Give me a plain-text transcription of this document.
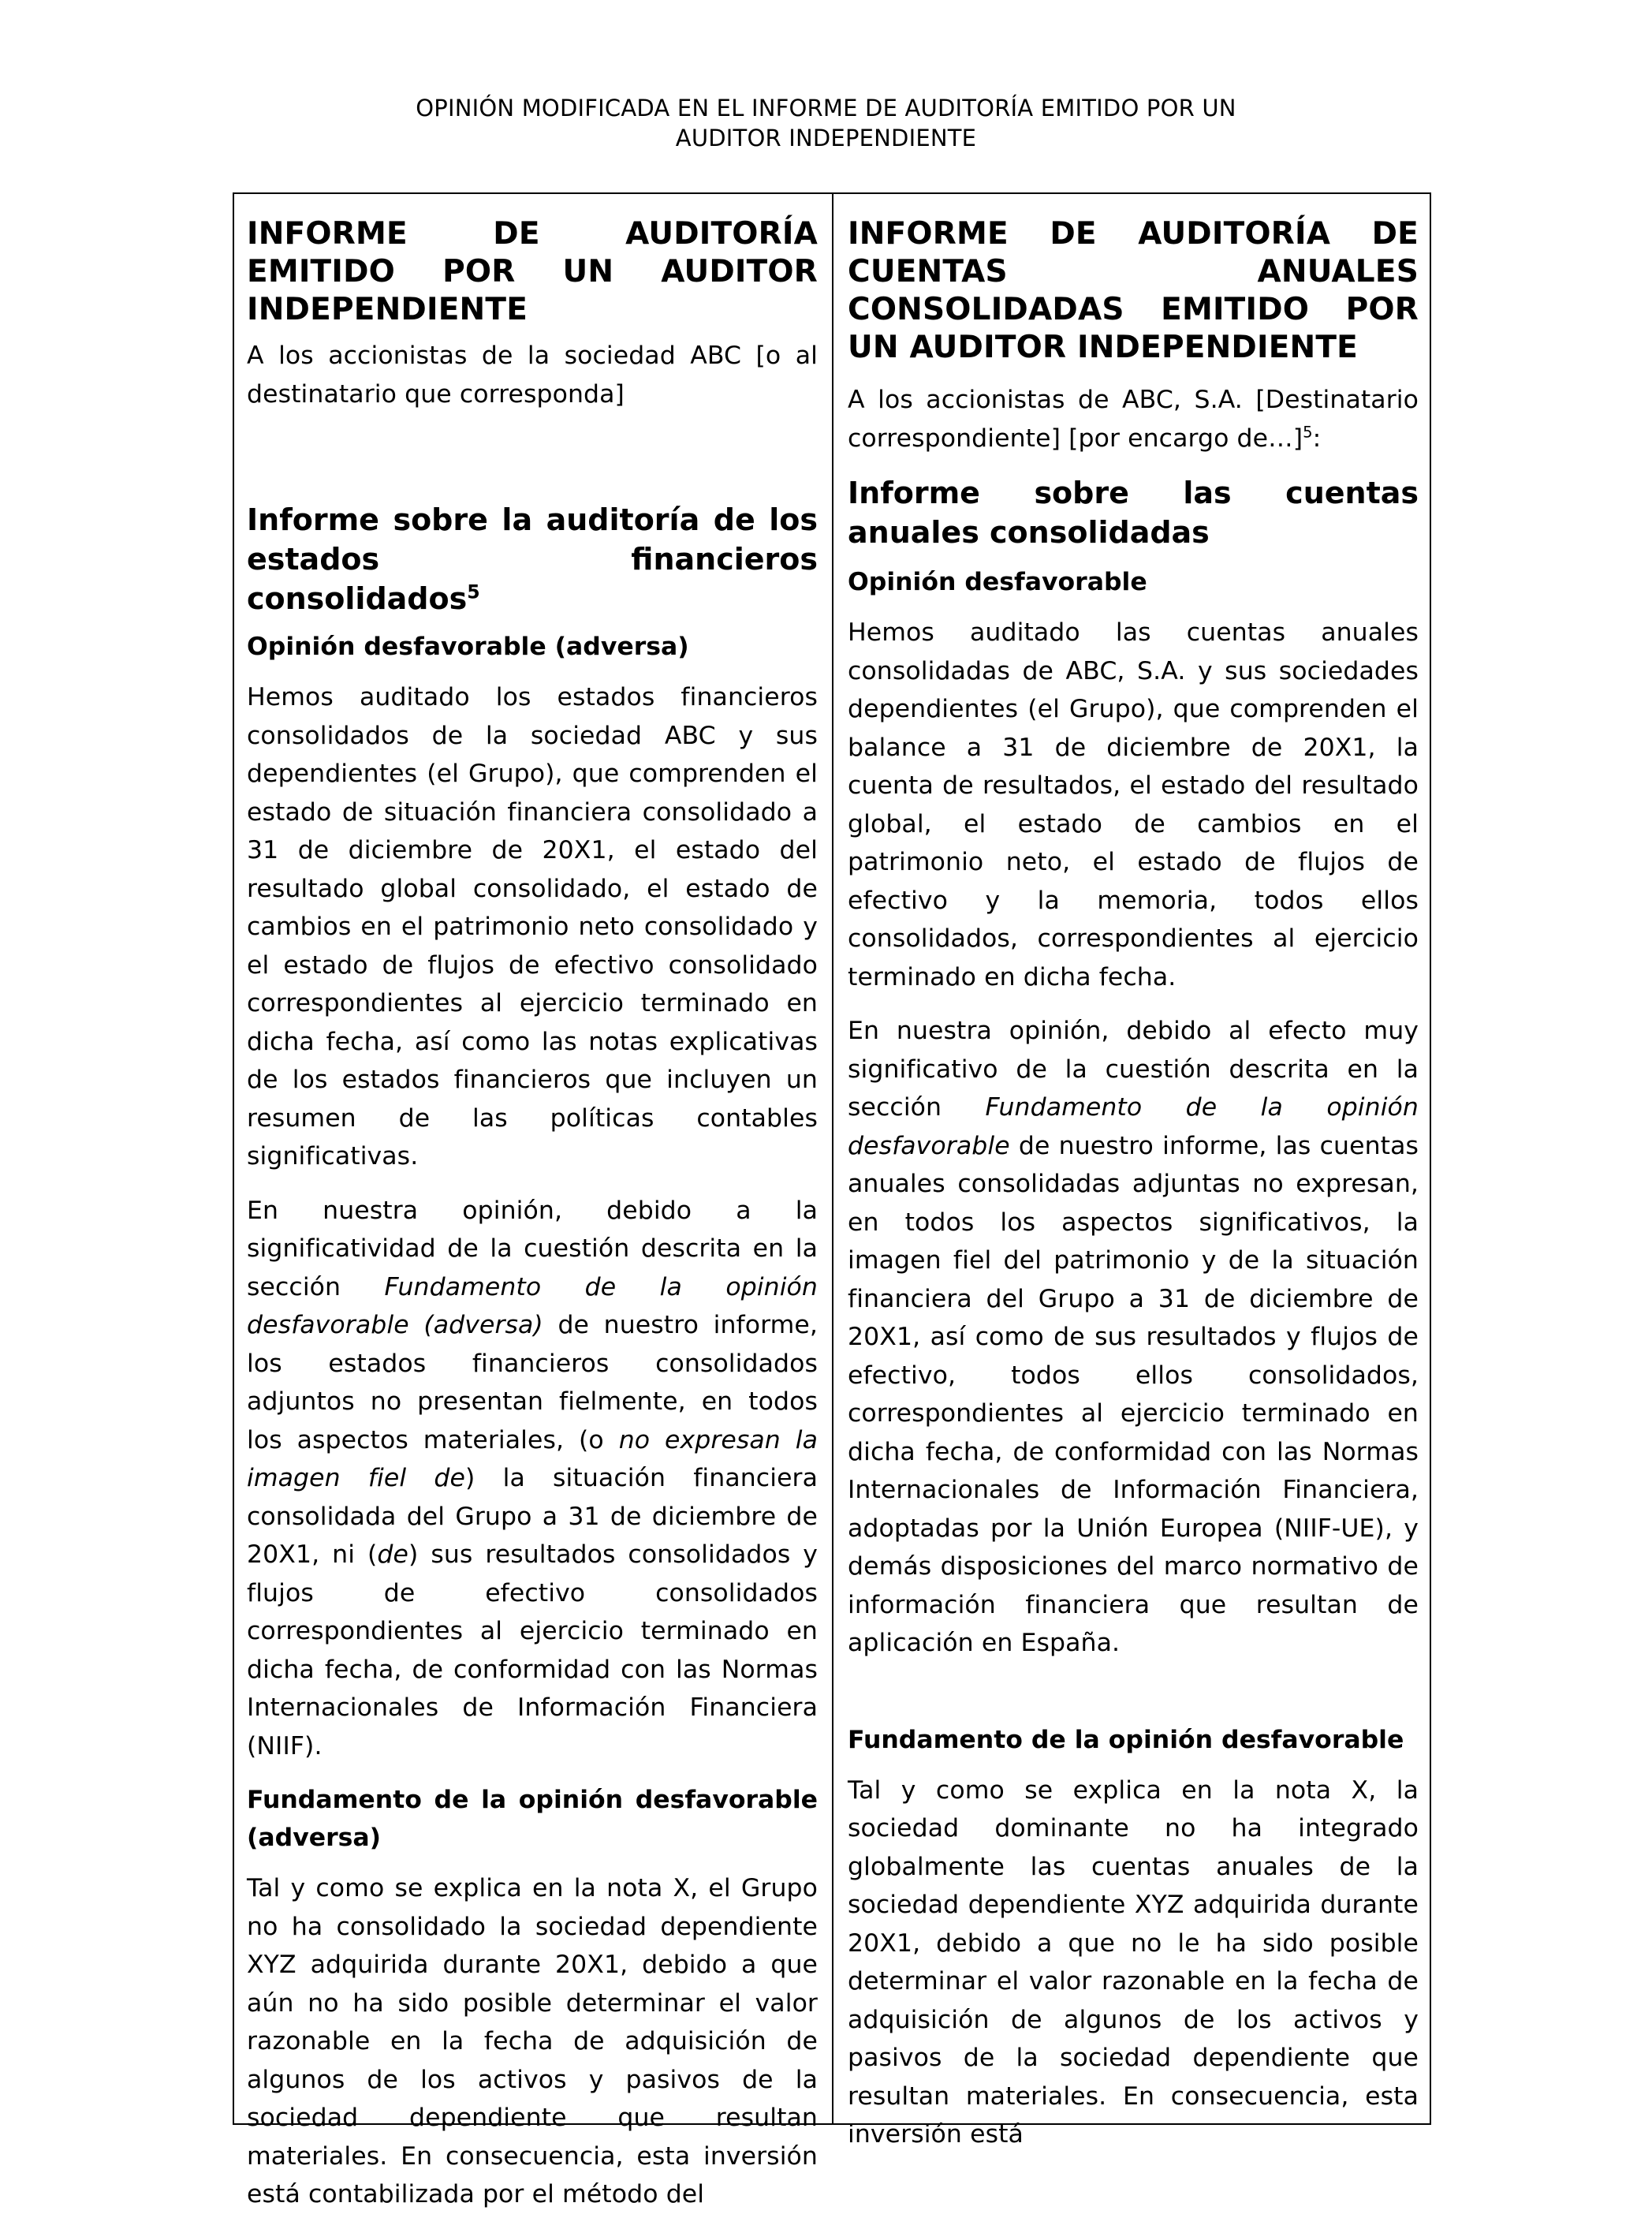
OPINIÓN MODIFICADA EN EL INFORME DE AUDITORÍA EMITIDO POR UN
AUDITOR INDEPENDIENTE

INFORME DE AUDITORÍA EMITIDO POR UN AUDITOR INDEPENDIENTE

A los accionistas de la sociedad ABC [o al destinatario que corresponda]

Informe sobre la auditoría de los estados financieros consolidados$^5$

Opinión desfavorable (adversa)

Hemos auditado los estados financieros consolidados de la sociedad ABC y sus dependientes (el Grupo), que comprenden el estado de situación financiera consolidado a 31 de diciembre de 20X1, el estado del resultado global consolidado, el estado de cambios en el patrimonio neto consolidado y el estado de flujos de efectivo consolidado correspondientes al ejercicio terminado en dicha fecha, así como las notas explicativas de los estados financieros que incluyen un resumen de las políticas contables significativas.

En nuestra opinión, debido a la significatividad de la cuestión descrita en la sección Fundamento de la opinión desfavorable (adversa) de nuestro informe, los estados financieros consolidados adjuntos no presentan fielmente, en todos los aspectos materiales, (o no expresan la imagen fiel de) la situación financiera consolidada del Grupo a 31 de diciembre de 20X1, ni (de) sus resultados consolidados y flujos de efectivo consolidados correspondientes al ejercicio terminado en dicha fecha, de conformidad con las Normas Internacionales de Información Financiera (NIIF).

Fundamento de la opinión desfavorable (adversa)

Tal y como se explica en la nota X, el Grupo no ha consolidado la sociedad dependiente XYZ adquirida durante 20X1, debido a que aún no ha sido posible determinar el valor razonable en la fecha de adquisición de algunos de los activos y pasivos de la sociedad dependiente que resultan materiales. En consecuencia, esta inversión está contabilizada por el método del

INFORME DE AUDITORÍA DE CUENTAS ANUALES CONSOLIDADAS EMITIDO POR UN AUDITOR INDEPENDIENTE

A los accionistas de ABC, S.A. [Destinatario correspondiente] [por encargo de…]$^5$:

Informe sobre las cuentas anuales consolidadas

Opinión desfavorable

Hemos auditado las cuentas anuales consolidadas de ABC, S.A. y sus sociedades dependientes (el Grupo), que comprenden el balance a 31 de diciembre de 20X1, la cuenta de resultados, el estado del resultado global, el estado de cambios en el patrimonio neto, el estado de flujos de efectivo y la memoria, todos ellos consolidados, correspondientes al ejercicio terminado en dicha fecha.

En nuestra opinión, debido al efecto muy significativo de la cuestión descrita en la sección Fundamento de la opinión desfavorable de nuestro informe, las cuentas anuales consolidadas adjuntas no expresan, en todos los aspectos significativos, la imagen fiel del patrimonio y de la situación financiera del Grupo a 31 de diciembre de 20X1, así como de sus resultados y flujos de efectivo, todos ellos consolidados, correspondientes al ejercicio terminado en dicha fecha, de conformidad con las Normas Internacionales de Información Financiera, adoptadas por la Unión Europea (NIIF-UE), y demás disposiciones del marco normativo de información financiera que resultan de aplicación en España.

Fundamento de la opinión desfavorable

Tal y como se explica en la nota X, la sociedad dominante no ha integrado globalmente las cuentas anuales de la sociedad dependiente XYZ adquirida durante 20X1, debido a que no le ha sido posible determinar el valor razonable en la fecha de adquisición de algunos de los activos y pasivos de la sociedad dependiente que resultan materiales. En consecuencia, esta inversión está
